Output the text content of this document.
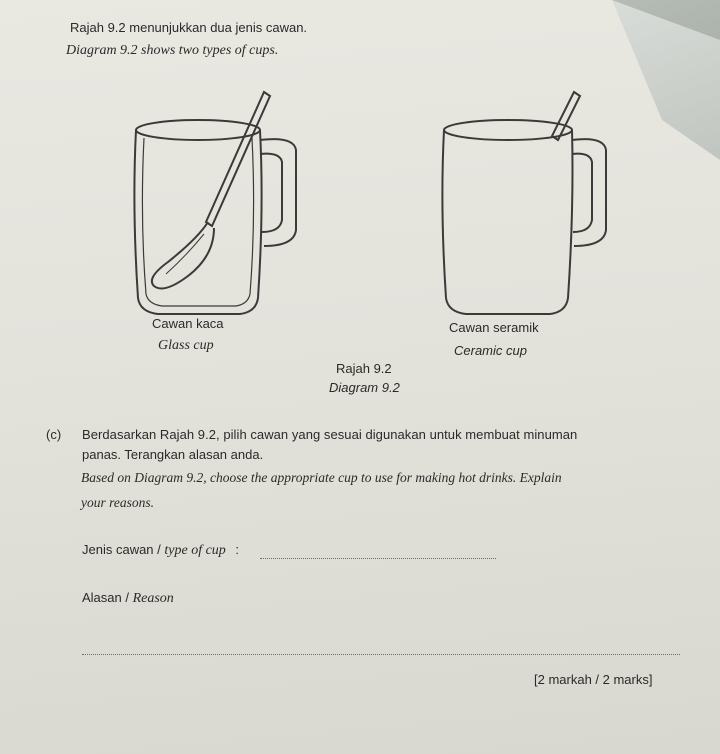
Rajah 9.2 menunjukkan dua jenis cawan.
Diagram 9.2 shows two types of cups.
Cawan kaca
Glass cup
Cawan seramik
Ceramic cup
Rajah 9.2
Diagram 9.2
(c) Berdasarkan Rajah 9.2, pilih cawan yang sesuai digunakan untuk membuat minuman
panas. Terangkan alasan anda.
Based on Diagram 9.2, choose the appropriate cup to use for making hot drinks. Explain
your reasons.
Jenis cawan / type of cup :
Alasan / Reason
[2 markah / 2 marks]
